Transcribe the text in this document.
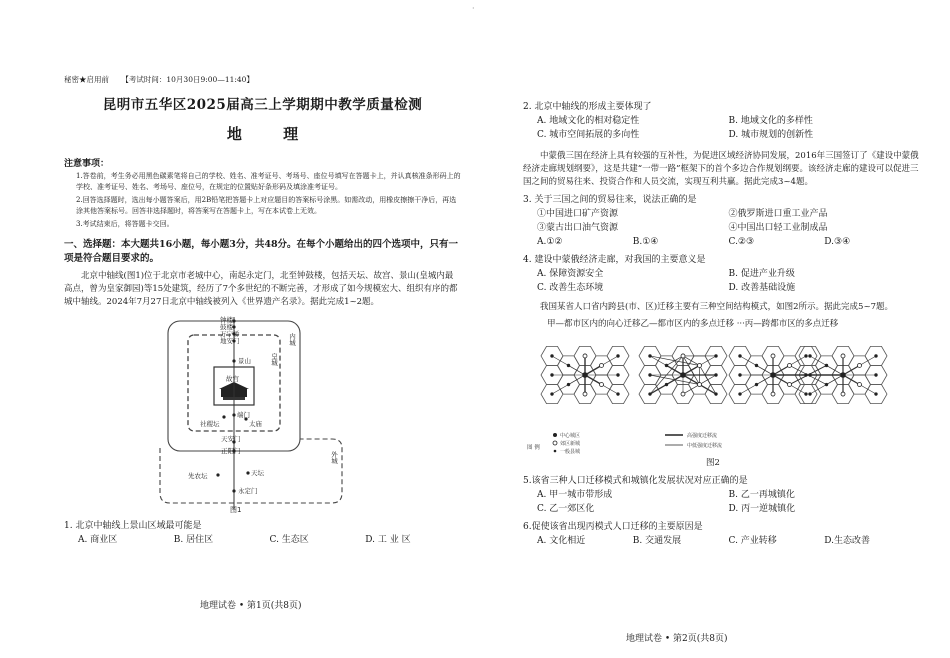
·
秘密★启用前 【考试时间：10月30日9:00—11:40】
昆明市五华区2025届高三上学期期中教学质量检测
地 理
注意事项：

1.答卷前，考生务必用黑色碳素笔将自己的学校、姓名、准考证号、考场号、座位号填写在答题卡上，并认真核准条形码上的学校、准考证号、姓名、考场号、座位号，在规定的位置贴好条形码及填涂准考证号。

2.回答选择题时，选出每小题答案后，用2B铅笔把答题卡上对应题目的答案标号涂黑。如需改动，用橡皮擦擦干净后，再选涂其他答案标号。回答非选择题时，将答案写在答题卡上，写在本试卷上无效。

3.考试结束后，将答题卡交回。

一、选择题：本大题共16小题，每小题3分，共48分。在每个小题给出的四个选项中，只有一项是符合题目要求的。

北京中轴线(图1)位于北京市老城中心，南起永定门，北至钟鼓楼，包括天坛、故宫、景山(皇城内最高点，曾为皇家御园)等15处建筑，经历了7个多世纪的不断完善，才形成了如今规模宏大、组织有序的都城中轴线。2024年7月27日北京中轴线被列入《世界遗产名录》。据此完成1~2题。

钟楼
鼓楼
万宁桥
地安门
景山
故宫
端门
社稷坛	太庙
天安门
正阳门
先农坛	天坛
永定门
内城
皇城
外城
图1
1. 北京中轴线上景山区域最可能是
A. 商业区	B. 居住区	C. 生态区	D. 工 业 区
地理试卷 • 第1页(共8页)
2. 北京中轴线的形成主要体现了
A. 地域文化的相对稳定性	B. 地域文化的多样性
C. 城市空间拓展的多向性	D. 城市规划的创新性

中蒙俄三国在经济上具有较强的互补性，为促进区域经济协同发展，2016年三国签订了《建设中蒙俄经济走廊规划纲要》，这是共建“一带一路”框架下的首个多边合作规划纲要。该经济走廊的建设可以促进三国之间的贸易往来、投资合作和人员交流，实现互利共赢。据此完成3~4题。

3. 关于三国之间的贸易往来，说法正确的是
①中国进口矿产资源	②俄罗斯进口重工业产品
③蒙古出口油气资源	④中国出口轻工业制成品
A.①②	B.①④	C.②③	D.③④
4. 建设中蒙俄经济走廊，对我国的主要意义是
A. 保障资源安全	B. 促进产业升级
C. 改善生态环境	D. 改善基础设施

我国某省人口省内跨县(市、区)迁移主要有三种空间结构模式，如图2所示。据此完成5~7题。

甲—都市区内的向心迁移乙—都市区内的多点迁移 ···丙—跨都市区的多点迁移
图 例
中心城区
郊区新城
一般县城
高强度迁移流
中低强度迁移流
图2
5.该省三种人口迁移模式和城镇化发展状况对应正确的是
A. 甲一城市带形成	B. 乙一再城镇化
C. 乙一郊区化	D. 丙一逆城镇化
6.促使该省出现丙模式人口迁移的主要原因是
A. 文化相近	B. 交通发展	C. 产业转移	D.生态改善
地理试卷 • 第2页(共8页)
